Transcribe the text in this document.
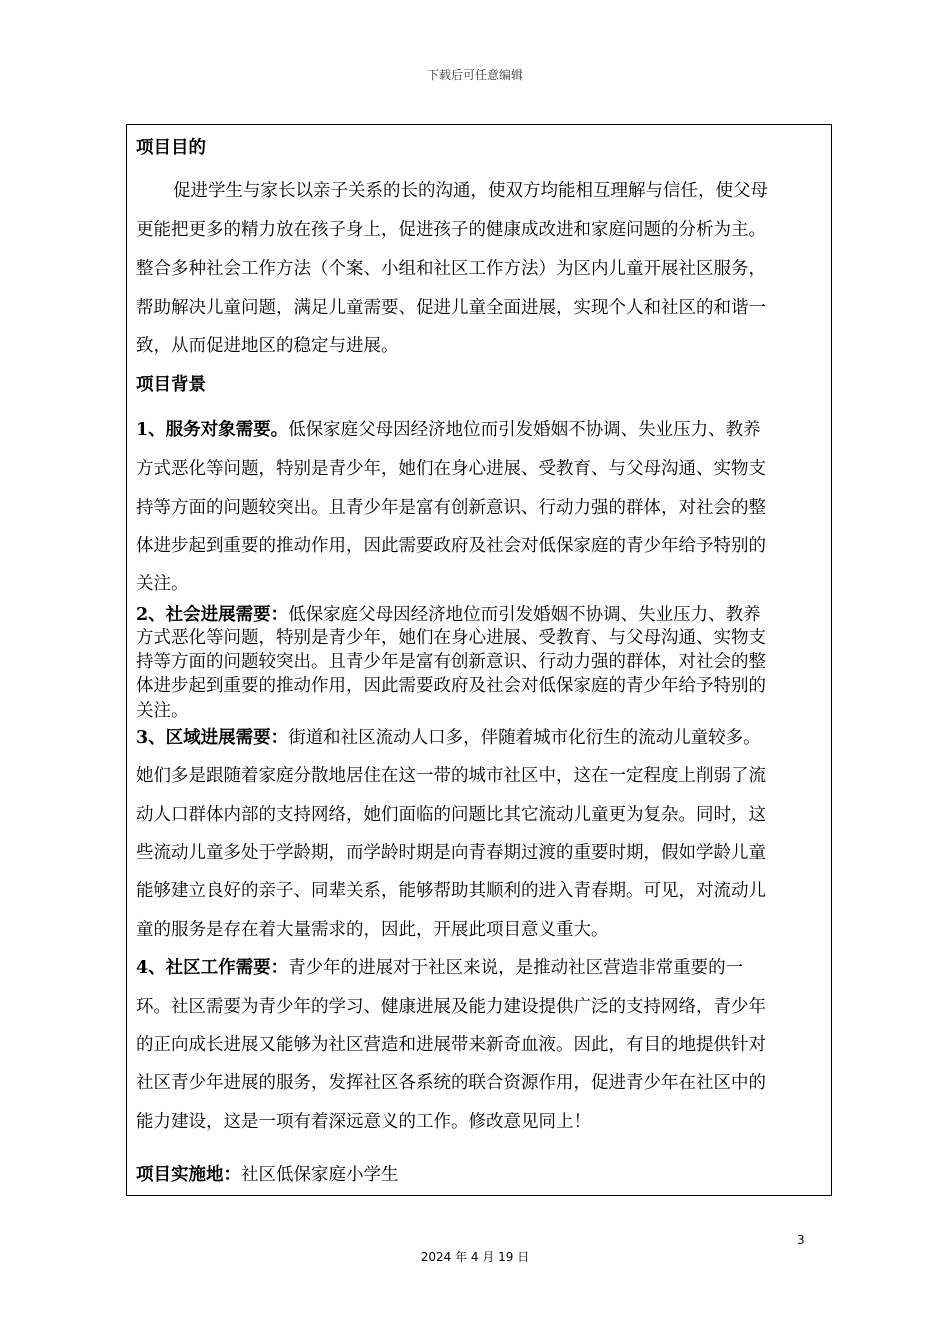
下载后可任意编辑
项目目的
促进学生与家长以亲子关系的长的沟通，使双方均能相互理解与信任，使父母
更能把更多的精力放在孩子身上，促进孩子的健康成改进和家庭问题的分析为主。
整合多种社会工作方法（个案、小组和社区工作方法）为区内儿童开展社区服务，
帮助解决儿童问题，满足儿童需要、促进儿童全面进展，实现个人和社区的和谐一
致，从而促进地区的稳定与进展。
项目背景
1、服务对象需要。低保家庭父母因经济地位而引发婚姻不协调、失业压力、教养
方式恶化等问题，特别是青少年，她们在身心进展、受教育、与父母沟通、实物支
持等方面的问题较突出。且青少年是富有创新意识、行动力强的群体，对社会的整
体进步起到重要的推动作用，因此需要政府及社会对低保家庭的青少年给予特别的
关注。
2、社会进展需要：低保家庭父母因经济地位而引发婚姻不协调、失业压力、教养
方式恶化等问题，特别是青少年，她们在身心进展、受教育、与父母沟通、实物支
持等方面的问题较突出。且青少年是富有创新意识、行动力强的群体，对社会的整
体进步起到重要的推动作用，因此需要政府及社会对低保家庭的青少年给予特别的
关注。
3、区域进展需要：街道和社区流动人口多，伴随着城市化衍生的流动儿童较多。
她们多是跟随着家庭分散地居住在这一带的城市社区中，这在一定程度上削弱了流
动人口群体内部的支持网络，她们面临的问题比其它流动儿童更为复杂。同时，这
些流动儿童多处于学龄期，而学龄时期是向青春期过渡的重要时期，假如学龄儿童
能够建立良好的亲子、同辈关系，能够帮助其顺利的进入青春期。可见，对流动儿
童的服务是存在着大量需求的，因此，开展此项目意义重大。
4、社区工作需要：青少年的进展对于社区来说，是推动社区营造非常重要的一
环。社区需要为青少年的学习、健康进展及能力建设提供广泛的支持网络，青少年
的正向成长进展又能够为社区营造和进展带来新奇血液。因此，有目的地提供针对
社区青少年进展的服务，发挥社区各系统的联合资源作用，促进青少年在社区中的
能力建设，这是一项有着深远意义的工作。修改意见同上！
项目实施地：社区低保家庭小学生
3
2024 年 4 月 19 日
